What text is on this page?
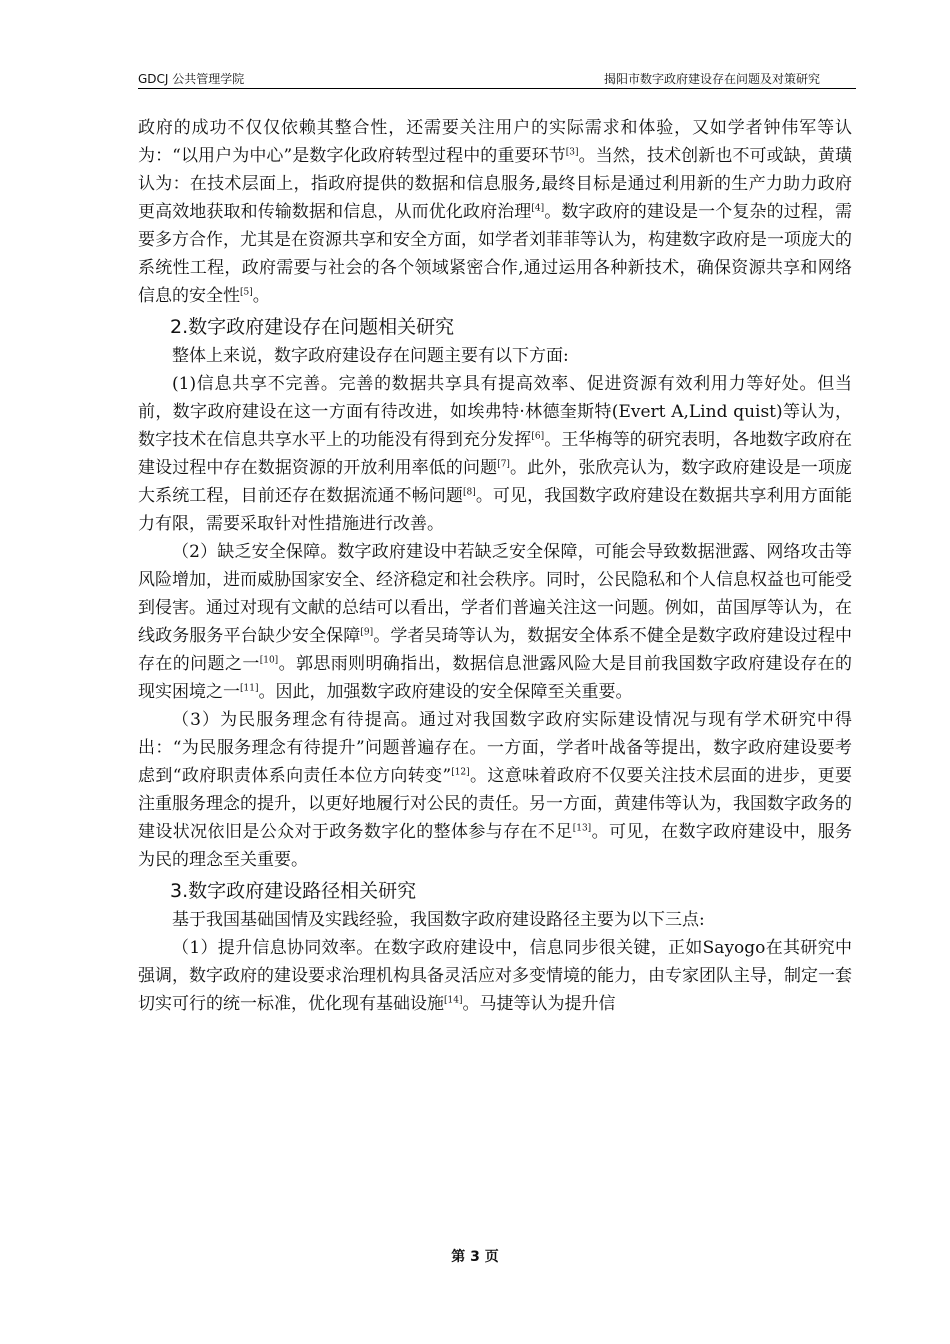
GDCJ 公共管理学院	揭阳市数字政府建设存在问题及对策研究

政府的成功不仅仅依赖其整合性，还需要关注用户的实际需求和体验，又如学者钟伟军等认为：“以用户为中心”是数字化政府转型过程中的重要环节[3]。当然，技术创新也不可或缺，黄璜认为：在技术层面上，指政府提供的数据和信息服务,最终目标是通过利用新的生产力助力政府更高效地获取和传输数据和信息，从而优化政府治理[4]。数字政府的建设是一个复杂的过程，需要多方合作，尤其是在资源共享和安全方面，如学者刘菲菲等认为，构建数字政府是一项庞大的系统性工程，政府需要与社会的各个领域紧密合作,通过运用各种新技术，确保资源共享和网络信息的安全性[5]。

2.数字政府建设存在问题相关研究

整体上来说，数字政府建设存在问题主要有以下方面:

(1)信息共享不完善。完善的数据共享具有提高效率、促进资源有效利用力等好处。但当前，数字政府建设在这一方面有待改进，如埃弗特·林德奎斯特(Evert A,Lind quist)等认为，数字技术在信息共享水平上的功能没有得到充分发挥[6]。王华梅等的研究表明，各地数字政府在建设过程中存在数据资源的开放利用率低的问题[7]。此外，张欣亮认为，数字政府建设是一项庞大系统工程，目前还存在数据流通不畅问题[8]。可见，我国数字政府建设在数据共享利用方面能力有限，需要采取针对性措施进行改善。

（2）缺乏安全保障。数字政府建设中若缺乏安全保障，可能会导致数据泄露、网络攻击等风险增加，进而威胁国家安全、经济稳定和社会秩序。同时，公民隐私和个人信息权益也可能受到侵害。通过对现有文献的总结可以看出，学者们普遍关注这一问题。例如，苗国厚等认为，在线政务服务平台缺少安全保障[9]。学者吴琦等认为，数据安全体系不健全是数字政府建设过程中存在的问题之一[10]。郭思雨则明确指出，数据信息泄露风险大是目前我国数字政府建设存在的现实困境之一[11]。因此，加强数字政府建设的安全保障至关重要。

（3）为民服务理念有待提高。通过对我国数字政府实际建设情况与现有学术研究中得出：“为民服务理念有待提升”问题普遍存在。一方面，学者叶战备等提出，数字政府建设要考虑到“政府职责体系向责任本位方向转变”[12]。这意味着政府不仅要关注技术层面的进步，更要注重服务理念的提升，以更好地履行对公民的责任。另一方面，黄建伟等认为，我国数字政务的建设状况依旧是公众对于政务数字化的整体参与存在不足[13]。可见，在数字政府建设中，服务为民的理念至关重要。

3.数字政府建设路径相关研究

基于我国基础国情及实践经验，我国数字政府建设路径主要为以下三点:

（1）提升信息协同效率。在数字政府建设中，信息同步很关键，正如Sayogo在其研究中强调，数字政府的建设要求治理机构具备灵活应对多变情境的能力，由专家团队主导，制定一套切实可行的统一标准，优化现有基础设施[14]。马捷等认为提升信

第 3 页
